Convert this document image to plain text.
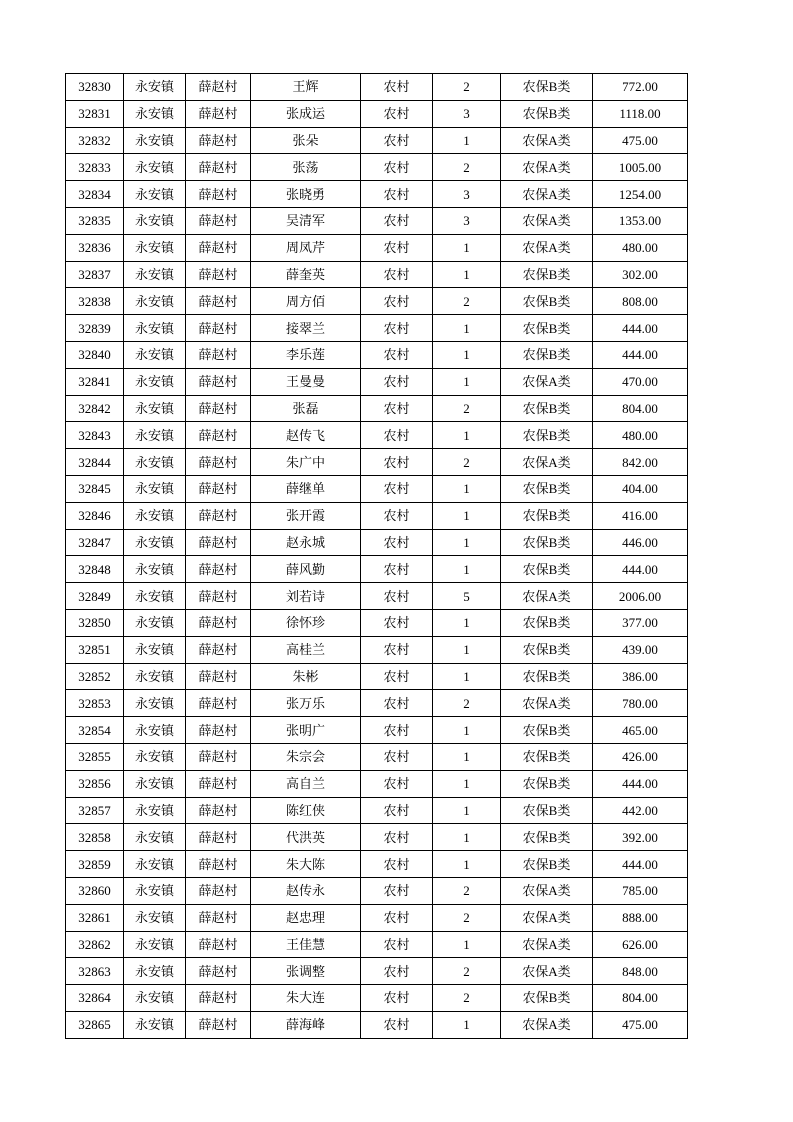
32830	永安镇	薛赵村	王辉	农村	2	农保B类	772.00
32831	永安镇	薛赵村	张成运	农村	3	农保B类	1118.00
32832	永安镇	薛赵村	张朵	农村	1	农保A类	475.00
32833	永安镇	薛赵村	张荡	农村	2	农保A类	1005.00
32834	永安镇	薛赵村	张晓勇	农村	3	农保A类	1254.00
32835	永安镇	薛赵村	吴清军	农村	3	农保A类	1353.00
32836	永安镇	薛赵村	周凤芹	农村	1	农保A类	480.00
32837	永安镇	薛赵村	薛奎英	农村	1	农保B类	302.00
32838	永安镇	薛赵村	周方佰	农村	2	农保B类	808.00
32839	永安镇	薛赵村	接翠兰	农村	1	农保B类	444.00
32840	永安镇	薛赵村	李乐莲	农村	1	农保B类	444.00
32841	永安镇	薛赵村	王曼曼	农村	1	农保A类	470.00
32842	永安镇	薛赵村	张磊	农村	2	农保B类	804.00
32843	永安镇	薛赵村	赵传飞	农村	1	农保B类	480.00
32844	永安镇	薛赵村	朱广中	农村	2	农保A类	842.00
32845	永安镇	薛赵村	薛继单	农村	1	农保B类	404.00
32846	永安镇	薛赵村	张开霞	农村	1	农保B类	416.00
32847	永安镇	薛赵村	赵永城	农村	1	农保B类	446.00
32848	永安镇	薛赵村	薛风勤	农村	1	农保B类	444.00
32849	永安镇	薛赵村	刘若诗	农村	5	农保A类	2006.00
32850	永安镇	薛赵村	徐怀珍	农村	1	农保B类	377.00
32851	永安镇	薛赵村	高桂兰	农村	1	农保B类	439.00
32852	永安镇	薛赵村	朱彬	农村	1	农保B类	386.00
32853	永安镇	薛赵村	张万乐	农村	2	农保A类	780.00
32854	永安镇	薛赵村	张明广	农村	1	农保B类	465.00
32855	永安镇	薛赵村	朱宗会	农村	1	农保B类	426.00
32856	永安镇	薛赵村	高自兰	农村	1	农保B类	444.00
32857	永安镇	薛赵村	陈红侠	农村	1	农保B类	442.00
32858	永安镇	薛赵村	代洪英	农村	1	农保B类	392.00
32859	永安镇	薛赵村	朱大陈	农村	1	农保B类	444.00
32860	永安镇	薛赵村	赵传永	农村	2	农保A类	785.00
32861	永安镇	薛赵村	赵忠理	农村	2	农保A类	888.00
32862	永安镇	薛赵村	王佳慧	农村	1	农保A类	626.00
32863	永安镇	薛赵村	张调整	农村	2	农保A类	848.00
32864	永安镇	薛赵村	朱大连	农村	2	农保B类	804.00
32865	永安镇	薛赵村	薛海峰	农村	1	农保A类	475.00
